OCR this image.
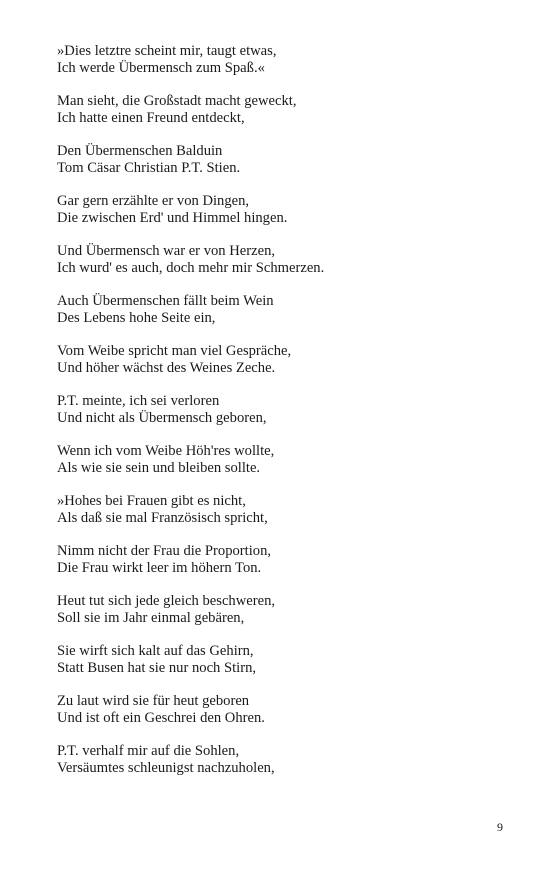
»Dies letztre scheint mir, taugt etwas,
Ich werde Übermensch zum Spaß.«
Man sieht, die Großstadt macht geweckt,
Ich hatte einen Freund entdeckt,
Den Übermenschen Balduin
Tom Cäsar Christian P.T. Stien.
Gar gern erzählte er von Dingen,
Die zwischen Erd' und Himmel hingen.
Und Übermensch war er von Herzen,
Ich wurd' es auch, doch mehr mir Schmerzen.
Auch Übermenschen fällt beim Wein
Des Lebens hohe Seite ein,
Vom Weibe spricht man viel Gespräche,
Und höher wächst des Weines Zeche.
P.T. meinte, ich sei verloren
Und nicht als Übermensch geboren,
Wenn ich vom Weibe Höh'res wollte,
Als wie sie sein und bleiben sollte.
»Hohes bei Frauen gibt es nicht,
Als daß sie mal Französisch spricht,
Nimm nicht der Frau die Proportion,
Die Frau wirkt leer im höhern Ton.
Heut tut sich jede gleich beschweren,
Soll sie im Jahr einmal gebären,
Sie wirft sich kalt auf das Gehirn,
Statt Busen hat sie nur noch Stirn,
Zu laut wird sie für heut geboren
Und ist oft ein Geschrei den Ohren.
P.T. verhalf mir auf die Sohlen,
Versäumtes schleunigst nachzuholen,
9
